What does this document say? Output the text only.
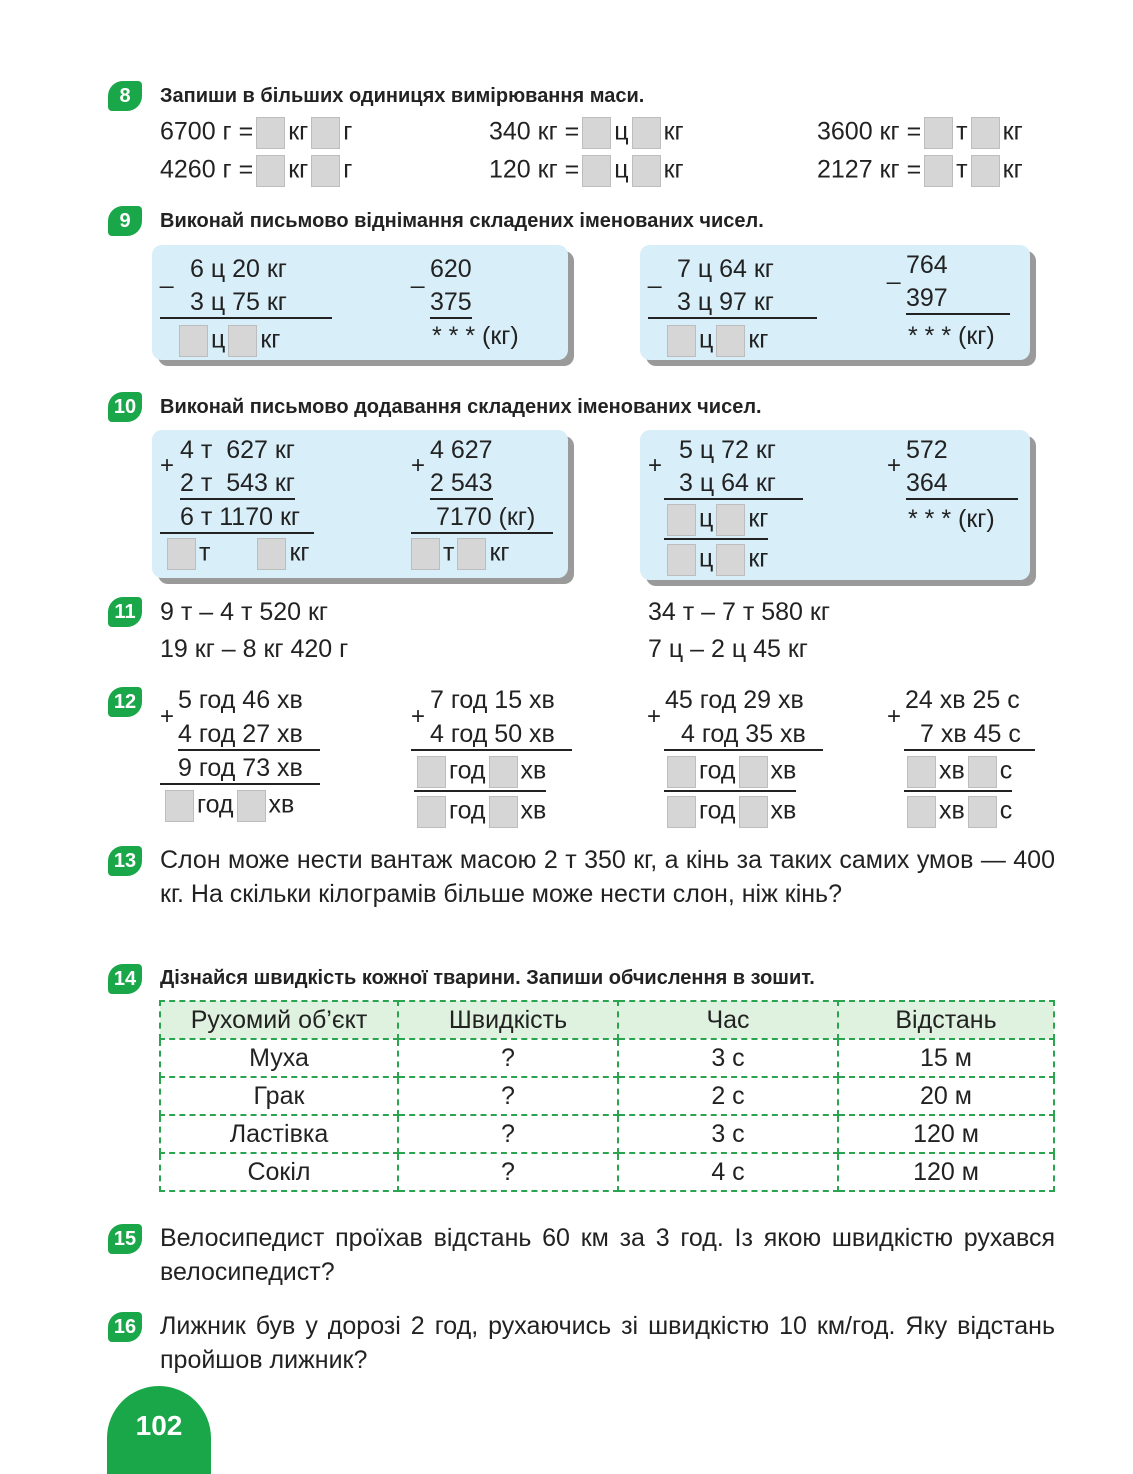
8	Запиши в більших одиницях вимірювання маси.
6700 г = кг г	340 кг = ц кг	3600 кг = т кг
4260 г = кг г	120 кг = ц кг	2127 кг = т кг
9	Виконай письмово віднімання складених іменованих чисел.
_ 6 ц 20 кг
3 ц 75 кг
ц кг
_ 620
375
* * * (кг)
_ 7 ц 64 кг
3 ц 97 кг
ц кг
_ 764
397
* * * (кг)
10 Виконай письмово додавання складених іменованих чисел.
+
4 т  627 кг
2 т  543 кг
6 т 1170 кг
т	кг
+
4 627
2 543
7170 (кг)
т кг
+
5 ц 72 кг
3 ц 64 кг
ц кг
ц кг
+
572
364
* * * (кг)
11 9 т – 4 т 520 кг
19 кг – 8 кг 420 г
34 т – 7 т 580 кг
7 ц – 2 ц 45 кг
12
+
5 год 46 хв
4 год 27 хв
9 год 73 хв
год хв
+
7 год 15 хв
4 год 50 хв
год хв
год хв
+
45 год 29 хв
4 год 35 хв
год хв
год хв
+
24 хв 25 с
7 хв 45 с
хв с
хв с
13 Слон може нести вантаж масою 2 т 350 кг, а кінь за таких самих умов — 400 кг. На скільки кілограмів більше може нести слон, ніж кінь?
14 Дізнайся швидкість кожної тварини. Запиши обчислення в зошит.
Рухомий об’єкт	Швидкість	Час	Відстань
Муха	?	3 с	15 м
Грак	?	2 с	20 м
Ластівка	?	3 с	120 м
Сокіл	?	4 с	120 м
15 Велосипедист проїхав відстань 60 км за 3 год. Із якою швидкістю рухався велосипедист?
16 Лижник був у дорозі 2 год, рухаючись зі швидкістю 10 км/год. Яку відстань пройшов лижник?
102
